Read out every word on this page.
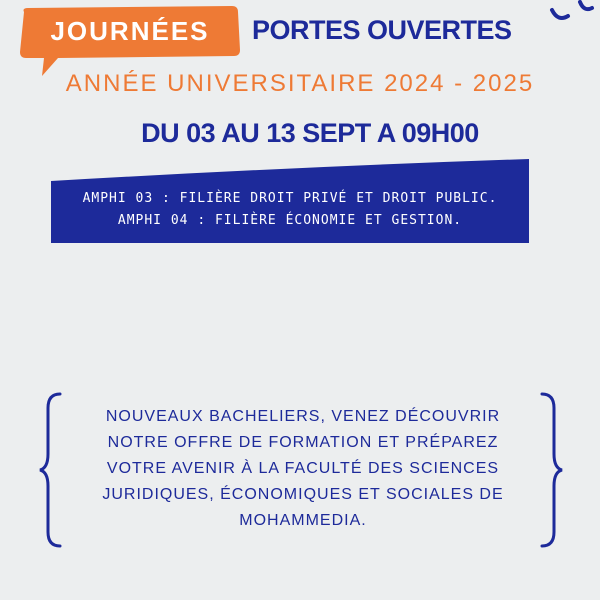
JOURNÉES	PORTES OUVERTES
ANNÉE UNIVERSITAIRE 2024 - 2025
DU 03 AU 13 SEPT A 09H00
AMPHI 03 : FILIÈRE DROIT PRIVÉ ET DROIT PUBLIC.
AMPHI 04 : FILIÈRE ÉCONOMIE ET GESTION.
NOUVEAUX BACHELIERS, VENEZ DÉCOUVRIR
NOTRE OFFRE DE FORMATION ET PRÉPAREZ
VOTRE AVENIR À LA FACULTÉ DES SCIENCES
JURIDIQUES, ÉCONOMIQUES ET SOCIALES DE
MOHAMMEDIA.
